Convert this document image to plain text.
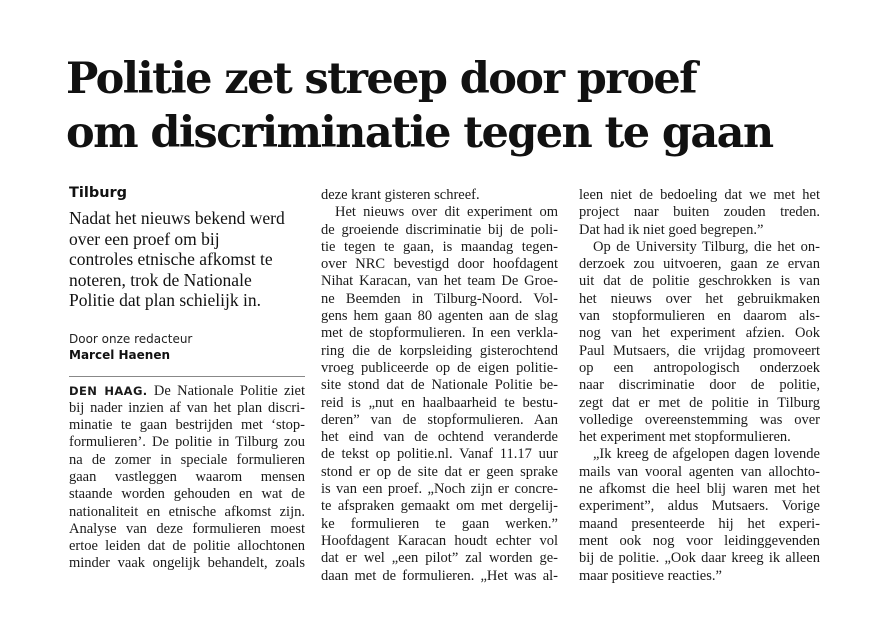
Politie zet streep door proef
om discriminatie tegen te gaan
Tilburg
Nadat het nieuws bekend werd
over een proef om bij
controles etnische afkomst te
noteren, trok de Nationale
Politie dat plan schielijk in.
Door onze redacteur
Marcel Haenen
DEN HAAG. De Nationale Politie ziet
bij nader inzien af van het plan discri-
minatie te gaan bestrijden met ‘stop-
formulieren’. De politie in Tilburg zou
na de zomer in speciale formulieren
gaan vastleggen waarom mensen
staande worden gehouden en wat de
nationaliteit en etnische afkomst zijn.
Analyse van deze formulieren moest
ertoe leiden dat de politie allochtonen
minder vaak ongelijk behandelt, zoals
deze krant gisteren schreef.
Het nieuws over dit experiment om
de groeiende discriminatie bij de poli-
tie tegen te gaan, is maandag tegen-
over NRC bevestigd door hoofdagent
Nihat Karacan, van het team De Groe-
ne Beemden in Tilburg-Noord. Vol-
gens hem gaan 80 agenten aan de slag
met de stopformulieren. In een verkla-
ring die de korpsleiding gisterochtend
vroeg publiceerde op de eigen politie-
site stond dat de Nationale Politie be-
reid is „nut en haalbaarheid te bestu-
deren” van de stopformulieren. Aan
het eind van de ochtend veranderde
de tekst op politie.nl. Vanaf 11.17 uur
stond er op de site dat er geen sprake
is van een proef. „Noch zijn er concre-
te afspraken gemaakt om met dergelij-
ke formulieren te gaan werken.”
Hoofdagent Karacan houdt echter vol
dat er wel „een pilot” zal worden ge-
daan met de formulieren. „Het was al-
leen niet de bedoeling dat we met het
project naar buiten zouden treden.
Dat had ik niet goed begrepen.”
Op de University Tilburg, die het on-
derzoek zou uitvoeren, gaan ze ervan
uit dat de politie geschrokken is van
het nieuws over het gebruikmaken
van stopformulieren en daarom als-
nog van het experiment afzien. Ook
Paul Mutsaers, die vrijdag promoveert
op een antropologisch onderzoek
naar discriminatie door de politie,
zegt dat er met de politie in Tilburg
volledige overeenstemming was over
het experiment met stopformulieren.
„Ik kreeg de afgelopen dagen lovende
mails van vooral agenten van allochto-
ne afkomst die heel blij waren met het
experiment”, aldus Mutsaers. Vorige
maand presenteerde hij het experi-
ment ook nog voor leidinggevenden
bij de politie. „Ook daar kreeg ik alleen
maar positieve reacties.”
